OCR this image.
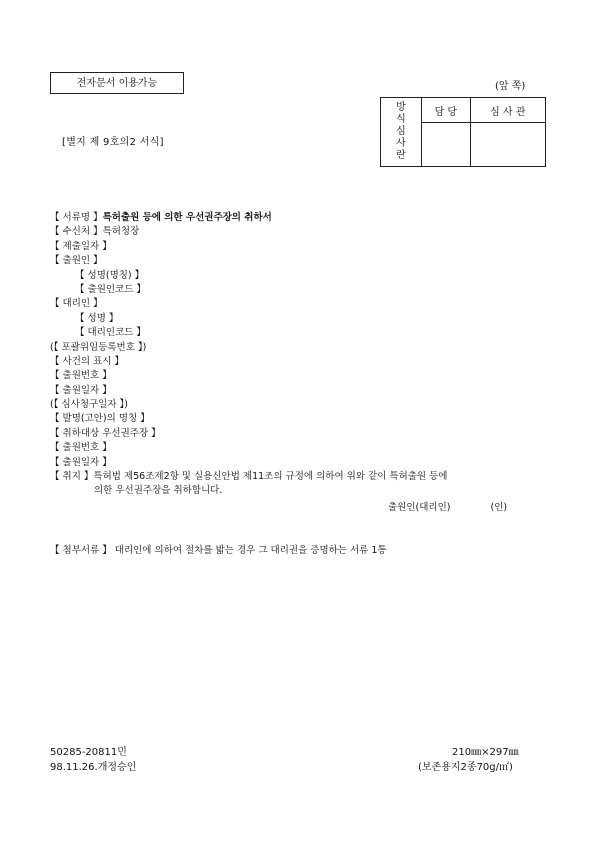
전자문서 이용가능	(앞 쪽)
[별지 제 9호의2 서식]
방
식
심
사
란	담 당	심 사 관

【 서류명 】특허출원 등에 의한 우선권주장의 취하서
【 수신처 】특허청장
【 제출일자 】
【 출원인 】
【 성명(명칭) 】
【 출원인코드 】
【 대리인 】
【 성명 】
【 대리인코드 】
(【 포괄위임등록번호 】)
【 사건의 표시 】
【 출원번호 】
【 출원일자 】
(【 심사청구일자 】)
【 발명(고안)의 명칭 】
【 취하대상 우선권주장 】
【 출원번호 】
【 출원일자 】
【 취지 】특허법 제56조제2항 및 실용신안법 제11조의 규정에 의하여 위와 같이 특허출원 등에
의한 우선권주장을 취하합니다.
출원인(대리인)	(인)
【 첨부서류 】 대리인에 의하여 절차를 밟는 경우 그 대리권을 증명하는 서류 1통
50285-20811민
98.11.26.개정승인
210㎜×297㎜
(보존용지2종70g/㎡)
